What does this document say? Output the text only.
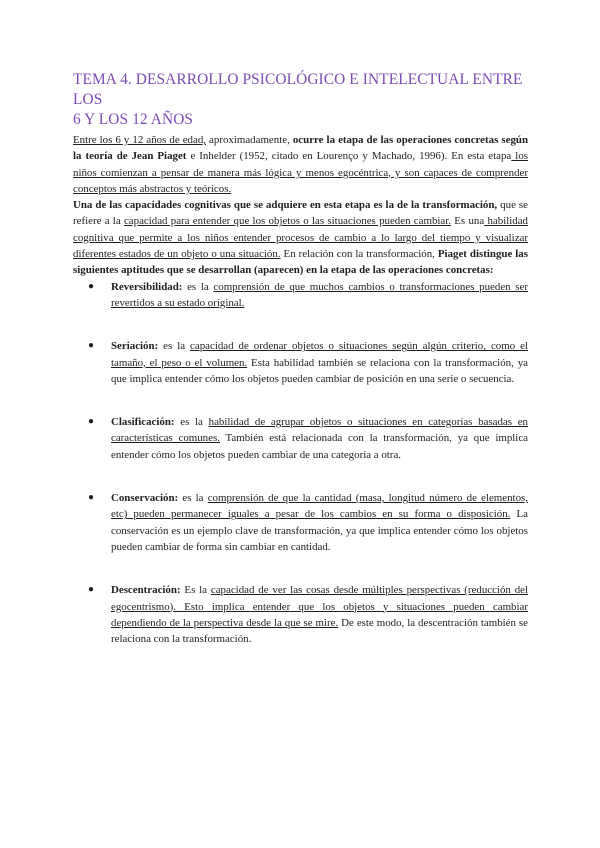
TEMA 4. DESARROLLO PSICOLÓGICO E INTELECTUAL ENTRE LOS
6 Y LOS 12 AÑOS

Entre los 6 y 12 años de edad, aproximadamente, ocurre la etapa de las operaciones concretas según la teoría de Jean Piaget e Inhelder (1952, citado en Lourenço y Machado, 1996). En esta etapa los niños comienzan a pensar de manera más lógica y menos egocéntrica, y son capaces de comprender conceptos más abstractos y teóricos.

Una de las capacidades cognitivas que se adquiere en esta etapa es la de la transformación, que se refiere a la capacidad para entender que los objetos o las situaciones pueden cambiar. Es una habilidad cognitiva que permite a los niños entender procesos de cambio a lo largo del tiempo y visualizar diferentes estados de un objeto o una situación. En relación con la transformación, Piaget distingue las siguientes aptitudes que se desarrollan (aparecen) en la etapa de las operaciones concretas:

● Reversibilidad: es la comprensión de que muchos cambios o transformaciones pueden ser revertidos a su estado original.
● Seriación: es la capacidad de ordenar objetos o situaciones según algún criterio, como el tamaño, el peso o el volumen. Esta habilidad también se relaciona con la transformación, ya que implica entender cómo los objetos pueden cambiar de posición en una serie o secuencia.
● Clasificación: es la habilidad de agrupar objetos o situaciones en categorías basadas en características comunes. También está relacionada con la transformación, ya que implica entender cómo los objetos pueden cambiar de una categoría a otra.
● Conservación: es la comprensión de que la cantidad (masa, longitud número de elementos, etc) pueden permanecer iguales a pesar de los cambios en su forma o disposición. La conservación es un ejemplo clave de transformación, ya que implica entender cómo los objetos pueden cambiar de forma sin cambiar en cantidad.
● Descentración: Es la capacidad de ver las cosas desde múltiples perspectivas (reducción del egocentrismo). Esto implica entender que los objetos y situaciones pueden cambiar dependiendo de la perspectiva desde la que se mire. De este modo, la descentración también se relaciona con la transformación.
